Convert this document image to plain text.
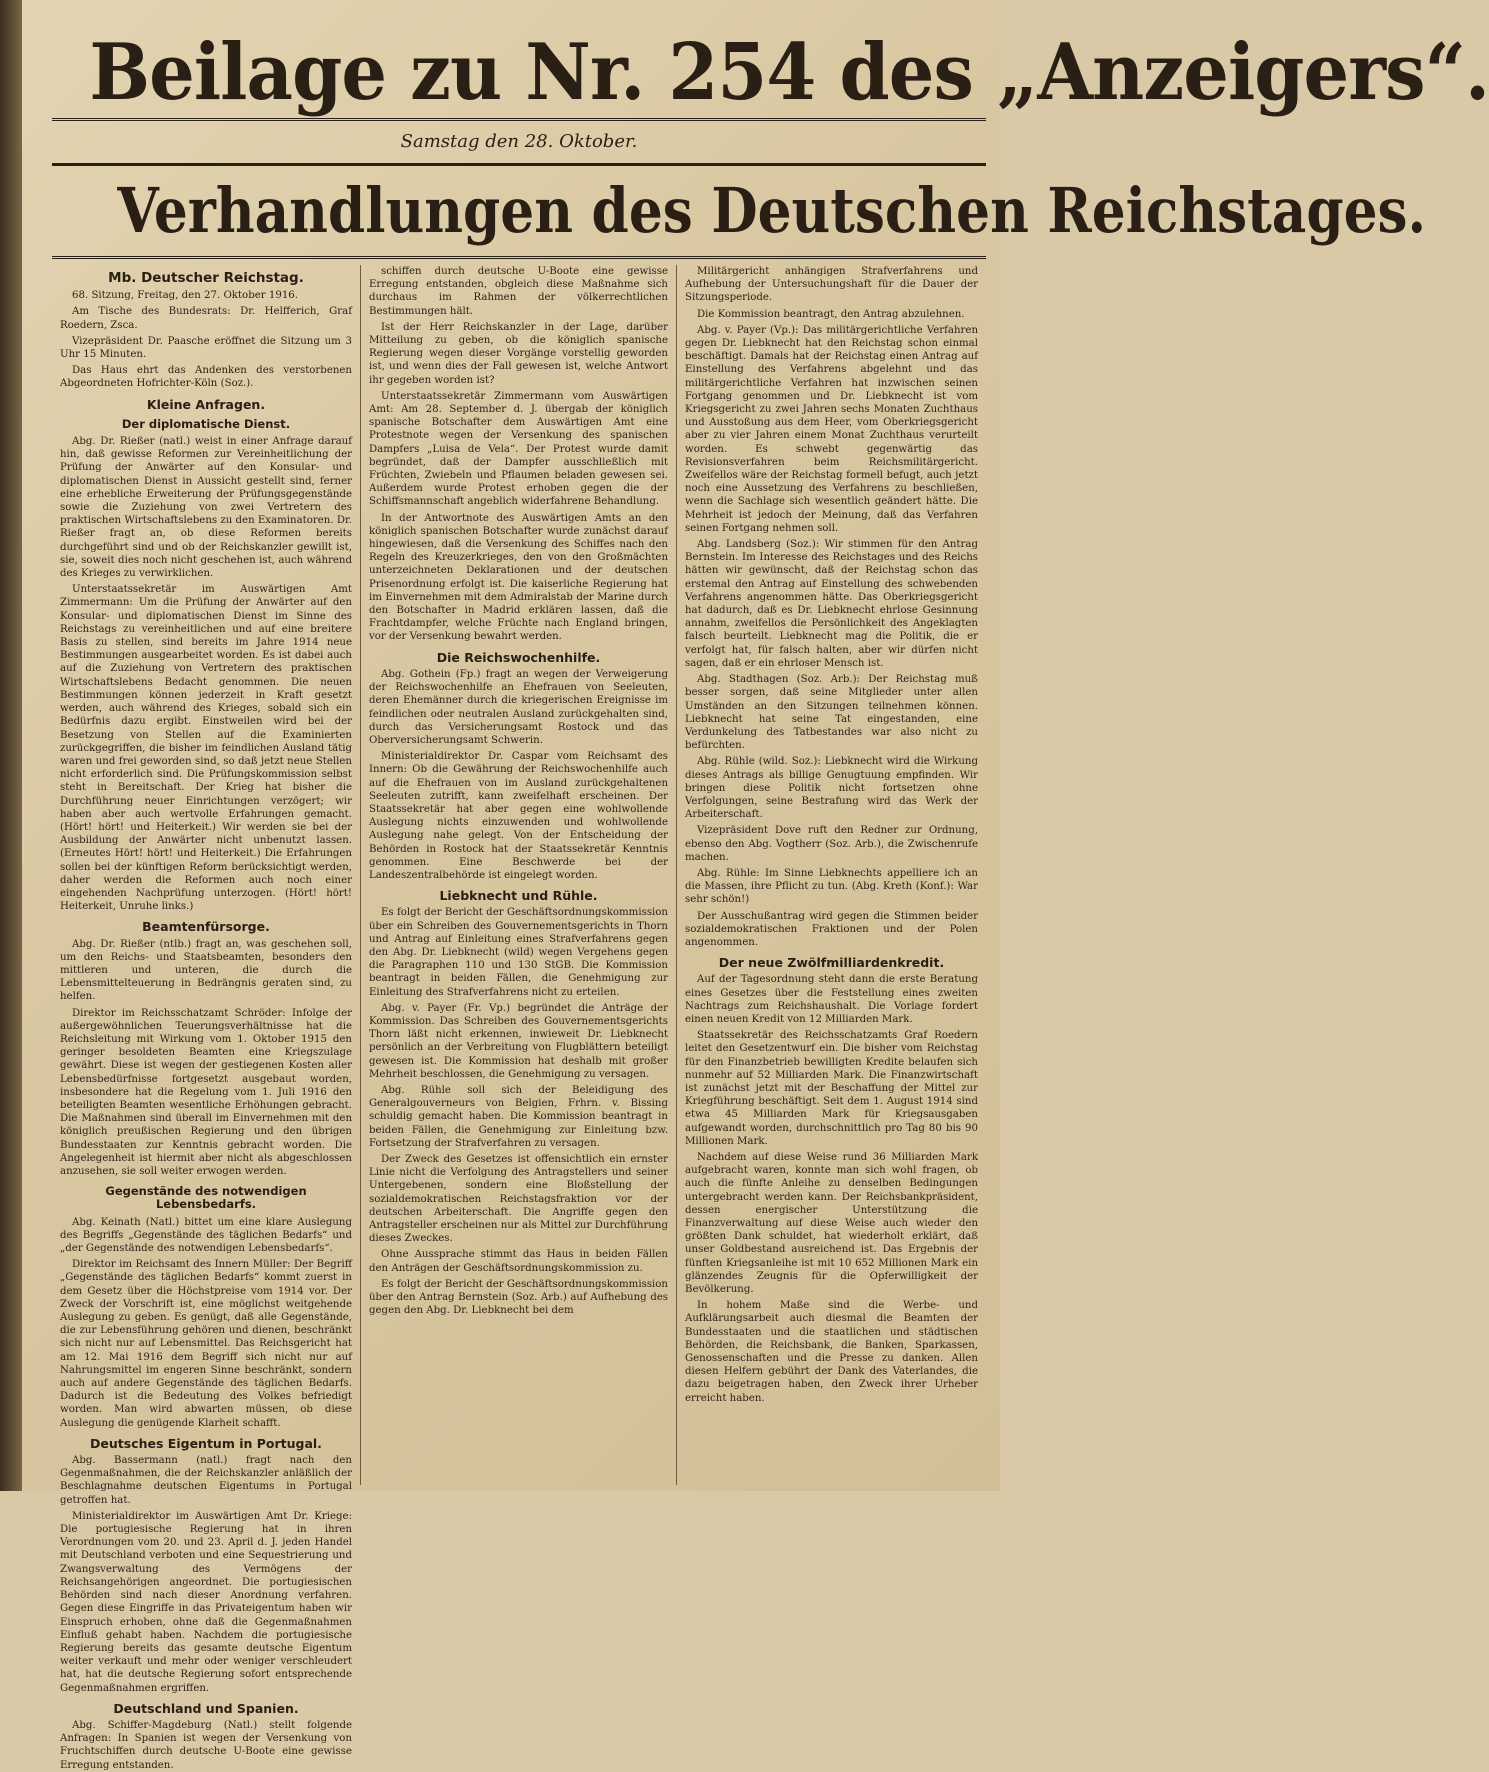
Beilage zu Nr. 254 des „Anzeigers“.
Samstag den 28. Oktober.
Verhandlungen des Deutschen Reichstages.
Mb. Deutscher Reichstag.

68. Sitzung, Freitag, den 27. Oktober 1916.

Am Tische des Bundesrats: Dr. Helfferich, Graf Roedern, Zsca.

Vizepräsident Dr. Paasche eröffnet die Sitzung um 3 Uhr 15 Minuten.

Das Haus ehrt das Andenken des verstorbenen Abgeordneten Hofrichter-Köln (Soz.).

Kleine Anfragen.
Der diplomatische Dienst.

Abg. Dr. Rießer (natl.) weist in einer Anfrage darauf hin, daß gewisse Reformen zur Vereinheitlichung der Prüfung der Anwärter auf den Konsular- und diplomatischen Dienst in Aussicht gestellt sind, ferner eine erhebliche Erweiterung der Prüfungsgegenstände sowie die Zuziehung von zwei Vertretern des praktischen Wirtschaftslebens zu den Examinatoren. Dr. Rießer fragt an, ob diese Reformen bereits durchgeführt sind und ob der Reichskanzler gewillt ist, sie, soweit dies noch nicht geschehen ist, auch während des Krieges zu verwirklichen.

Unterstaatssekretär im Auswärtigen Amt Zimmermann: Um die Prüfung der Anwärter auf den Konsular- und diplomatischen Dienst im Sinne des Reichstags zu vereinheitlichen und auf eine breitere Basis zu stellen, sind bereits im Jahre 1914 neue Bestimmungen ausgearbeitet worden. Es ist dabei auch auf die Zuziehung von Vertretern des praktischen Wirtschaftslebens Bedacht genommen. Die neuen Bestimmungen können jederzeit in Kraft gesetzt werden, auch während des Krieges, sobald sich ein Bedürfnis dazu ergibt. Einstweilen wird bei der Besetzung von Stellen auf die Examinierten zurückgegriffen, die bisher im feindlichen Ausland tätig waren und frei geworden sind, so daß jetzt neue Stellen nicht erforderlich sind. Die Prüfungskommission selbst steht in Bereitschaft. Der Krieg hat bisher die Durchführung neuer Einrichtungen verzögert; wir haben aber auch wertvolle Erfahrungen gemacht. (Hört! hört! und Heiterkeit.) Wir werden sie bei der Ausbildung der Anwärter nicht unbenutzt lassen. (Erneutes Hört! hört! und Heiterkeit.) Die Erfahrungen sollen bei der künftigen Reform berücksichtigt werden, daher werden die Reformen auch noch einer eingehenden Nachprüfung unterzogen. (Hört! hört! Heiterkeit, Unruhe links.)

Beamtenfürsorge.

Abg. Dr. Rießer (ntlb.) fragt an, was geschehen soll, um den Reichs- und Staatsbeamten, besonders den mittleren und unteren, die durch die Lebensmittelteuerung in Bedrängnis geraten sind, zu helfen.

Direktor im Reichsschatzamt Schröder: Infolge der außergewöhnlichen Teuerungsverhältnisse hat die Reichsleitung mit Wirkung vom 1. Oktober 1915 den geringer besoldeten Beamten eine Kriegszulage gewährt. Diese ist wegen der gestiegenen Kosten aller Lebensbedürfnisse fortgesetzt ausgebaut worden, insbesondere hat die Regelung vom 1. Juli 1916 den beteiligten Beamten wesentliche Erhöhungen gebracht. Die Maßnahmen sind überall im Einvernehmen mit den königlich preußischen Regierung und den übrigen Bundesstaaten zur Kenntnis gebracht worden. Die Angelegenheit ist hiermit aber nicht als abgeschlossen anzusehen, sie soll weiter erwogen werden.

Gegenstände des notwendigen Lebensbedarfs.

Abg. Keinath (Natl.) bittet um eine klare Auslegung des Begriffs „Gegenstände des täglichen Bedarfs“ und „der Gegenstände des notwendigen Lebensbedarfs“.

Direktor im Reichsamt des Innern Müller: Der Begriff „Gegenstände des täglichen Bedarfs“ kommt zuerst in dem Gesetz über die Höchstpreise vom 1914 vor. Der Zweck der Vorschrift ist, eine möglichst weitgehende Auslegung zu geben. Es genügt, daß alle Gegenstände, die zur Lebensführung gehören und dienen, beschränkt sich nicht nur auf Lebensmittel. Das Reichsgericht hat am 12. Mai 1916 dem Begriff sich nicht nur auf Nahrungsmittel im engeren Sinne beschränkt, sondern auch auf andere Gegenstände des täglichen Bedarfs. Dadurch ist die Bedeutung des Volkes befriedigt worden. Man wird abwarten müssen, ob diese Auslegung die genügende Klarheit schafft.

Deutsches Eigentum in Portugal.

Abg. Bassermann (natl.) fragt nach den Gegenmaßnahmen, die der Reichskanzler anläßlich der Beschlagnahme deutschen Eigentums in Portugal getroffen hat.

Ministerialdirektor im Auswärtigen Amt Dr. Kriege: Die portugiesische Regierung hat in ihren Verordnungen vom 20. und 23. April d. J. jeden Handel mit Deutschland verboten und eine Sequestrierung und Zwangsverwaltung des Vermögens der Reichsangehörigen angeordnet. Die portugiesischen Behörden sind nach dieser Anordnung verfahren. Gegen diese Eingriffe in das Privateigentum haben wir Einspruch erhoben, ohne daß die Gegenmaßnahmen Einfluß gehabt haben. Nachdem die portugiesische Regierung bereits das gesamte deutsche Eigentum weiter verkauft und mehr oder weniger verschleudert hat, hat die deutsche Regierung sofort entsprechende Gegenmaßnahmen ergriffen.

Deutschland und Spanien.

Abg. Schiffer-Magdeburg (Natl.) stellt folgende Anfragen: In Spanien ist wegen der Versenkung von Fruchtschiffen durch deutsche U-Boote eine gewisse Erregung entstanden.

schiffen durch deutsche U-Boote eine gewisse Erregung entstanden, obgleich diese Maßnahme sich durchaus im Rahmen der völkerrechtlichen Bestimmungen hält.

Ist der Herr Reichskanzler in der Lage, darüber Mitteilung zu geben, ob die königlich spanische Regierung wegen dieser Vorgänge vorstellig geworden ist, und wenn dies der Fall gewesen ist, welche Antwort ihr gegeben worden ist?

Unterstaatssekretär Zimmermann vom Auswärtigen Amt: Am 28. September d. J. übergab der königlich spanische Botschafter dem Auswärtigen Amt eine Protestnote wegen der Versenkung des spanischen Dampfers „Luisa de Vela“. Der Protest wurde damit begründet, daß der Dampfer ausschließlich mit Früchten, Zwiebeln und Pflaumen beladen gewesen sei. Außerdem wurde Protest erhoben gegen die der Schiffsmannschaft angeblich widerfahrene Behandlung.

In der Antwortnote des Auswärtigen Amts an den königlich spanischen Botschafter wurde zunächst darauf hingewiesen, daß die Versenkung des Schiffes nach den Regeln des Kreuzerkrieges, den von den Großmächten unterzeichneten Deklarationen und der deutschen Prisenordnung erfolgt ist. Die kaiserliche Regierung hat im Einvernehmen mit dem Admiralstab der Marine durch den Botschafter in Madrid erklären lassen, daß die Frachtdampfer, welche Früchte nach England bringen, vor der Versenkung bewahrt werden.

Die Reichswochenhilfe.

Abg. Gothein (Fp.) fragt an wegen der Verweigerung der Reichswochenhilfe an Ehefrauen von Seeleuten, deren Ehemänner durch die kriegerischen Ereignisse im feindlichen oder neutralen Ausland zurückgehalten sind, durch das Versicherungsamt Rostock und das Oberversicherungsamt Schwerin.

Ministerialdirektor Dr. Caspar vom Reichsamt des Innern: Ob die Gewährung der Reichswochenhilfe auch auf die Ehefrauen von im Ausland zurückgehaltenen Seeleuten zutrifft, kann zweifelhaft erscheinen. Der Staatssekretär hat aber gegen eine wohlwollende Auslegung nichts einzuwenden und wohlwollende Auslegung nahe gelegt. Von der Entscheidung der Behörden in Rostock hat der Staatssekretär Kenntnis genommen. Eine Beschwerde bei der Landeszentralbehörde ist eingelegt worden.

Liebknecht und Rühle.

Es folgt der Bericht der Geschäftsordnungskommission über ein Schreiben des Gouvernementsgerichts in Thorn und Antrag auf Einleitung eines Strafverfahrens gegen den Abg. Dr. Liebknecht (wild) wegen Vergehens gegen die Paragraphen 110 und 130 StGB. Die Kommission beantragt in beiden Fällen, die Genehmigung zur Einleitung des Strafverfahrens nicht zu erteilen.

Abg. v. Payer (Fr. Vp.) begründet die Anträge der Kommission. Das Schreiben des Gouvernementsgerichts Thorn läßt nicht erkennen, inwieweit Dr. Liebknecht persönlich an der Verbreitung von Flugblättern beteiligt gewesen ist. Die Kommission hat deshalb mit großer Mehrheit beschlossen, die Genehmigung zu versagen.

Abg. Rühle soll sich der Beleidigung des Generalgouverneurs von Belgien, Frhrn. v. Bissing schuldig gemacht haben. Die Kommission beantragt in beiden Fällen, die Genehmigung zur Einleitung bzw. Fortsetzung der Strafverfahren zu versagen.

Der Zweck des Gesetzes ist offensichtlich ein ernster Linie nicht die Verfolgung des Antragstellers und seiner Untergebenen, sondern eine Bloßstellung der sozialdemokratischen Reichstagsfraktion vor der deutschen Arbeiterschaft. Die Angriffe gegen den Antragsteller erscheinen nur als Mittel zur Durchführung dieses Zweckes.

Ohne Aussprache stimmt das Haus in beiden Fällen den Anträgen der Geschäftsordnungskommission zu.

Es folgt der Bericht der Geschäftsordnungskommission über den Antrag Bernstein (Soz. Arb.) auf Aufhebung des gegen den Abg. Dr. Liebknecht bei dem

Militärgericht anhängigen Strafverfahrens und Aufhebung der Untersuchungshaft für die Dauer der Sitzungsperiode.

Die Kommission beantragt, den Antrag abzulehnen.

Abg. v. Payer (Vp.): Das militärgerichtliche Verfahren gegen Dr. Liebknecht hat den Reichstag schon einmal beschäftigt. Damals hat der Reichstag einen Antrag auf Einstellung des Verfahrens abgelehnt und das militärgerichtliche Verfahren hat inzwischen seinen Fortgang genommen und Dr. Liebknecht ist vom Kriegsgericht zu zwei Jahren sechs Monaten Zuchthaus und Ausstoßung aus dem Heer, vom Oberkriegsgericht aber zu vier Jahren einem Monat Zuchthaus verurteilt worden. Es schwebt gegenwärtig das Revisionsverfahren beim Reichsmilitärgericht. Zweifellos wäre der Reichstag formell befugt, auch jetzt noch eine Aussetzung des Verfahrens zu beschließen, wenn die Sachlage sich wesentlich geändert hätte. Die Mehrheit ist jedoch der Meinung, daß das Verfahren seinen Fortgang nehmen soll.

Abg. Landsberg (Soz.): Wir stimmen für den Antrag Bernstein. Im Interesse des Reichstages und des Reichs hätten wir gewünscht, daß der Reichstag schon das erstemal den Antrag auf Einstellung des schwebenden Verfahrens angenommen hätte. Das Oberkriegsgericht hat dadurch, daß es Dr. Liebknecht ehrlose Gesinnung annahm, zweifellos die Persönlichkeit des Angeklagten falsch beurteilt. Liebknecht mag die Politik, die er verfolgt hat, für falsch halten, aber wir dürfen nicht sagen, daß er ein ehrloser Mensch ist.

Abg. Stadthagen (Soz. Arb.): Der Reichstag muß besser sorgen, daß seine Mitglieder unter allen Umständen an den Sitzungen teilnehmen können. Liebknecht hat seine Tat eingestanden, eine Verdunkelung des Tatbestandes war also nicht zu befürchten.

Abg. Rühle (wild. Soz.): Liebknecht wird die Wirkung dieses Antrags als billige Genugtuung empfinden. Wir bringen diese Politik nicht fortsetzen ohne Verfolgungen, seine Bestrafung wird das Werk der Arbeiterschaft.

Vizepräsident Dove ruft den Redner zur Ordnung, ebenso den Abg. Vogtherr (Soz. Arb.), die Zwischenrufe machen.

Abg. Rühle: Im Sinne Liebknechts appelliere ich an die Massen, ihre Pflicht zu tun. (Abg. Kreth (Konf.): War sehr schön!)

Der Ausschußantrag wird gegen die Stimmen beider sozialdemokratischen Fraktionen und der Polen angenommen.

Der neue Zwölfmilliardenkredit.

Auf der Tagesordnung steht dann die erste Beratung eines Gesetzes über die Feststellung eines zweiten Nachtrags zum Reichshaushalt. Die Vorlage fordert einen neuen Kredit von 12 Milliarden Mark.

Staatssekretär des Reichsschatzamts Graf Roedern leitet den Gesetzentwurf ein. Die bisher vom Reichstag für den Finanzbetrieb bewilligten Kredite belaufen sich nunmehr auf 52 Milliarden Mark. Die Finanzwirtschaft ist zunächst jetzt mit der Beschaffung der Mittel zur Kriegführung beschäftigt. Seit dem 1. August 1914 sind etwa 45 Milliarden Mark für Kriegsausgaben aufgewandt worden, durchschnittlich pro Tag 80 bis 90 Millionen Mark.

Nachdem auf diese Weise rund 36 Milliarden Mark aufgebracht waren, konnte man sich wohl fragen, ob auch die fünfte Anleihe zu denselben Bedingungen untergebracht werden kann. Der Reichsbankpräsident, dessen energischer Unterstützung die Finanzverwaltung auf diese Weise auch wieder den größten Dank schuldet, hat wiederholt erklärt, daß unser Goldbestand ausreichend ist. Das Ergebnis der fünften Kriegsanleihe ist mit 10 652 Millionen Mark ein glänzendes Zeugnis für die Opferwilligkeit der Bevölkerung.

In hohem Maße sind die Werbe- und Aufklärungsarbeit auch diesmal die Beamten der Bundesstaaten und die staatlichen und städtischen Behörden, die Reichsbank, die Banken, Sparkassen, Genossenschaften und die Presse zu danken. Allen diesen Helfern gebührt der Dank des Vaterlandes, die dazu beigetragen haben, den Zweck ihrer Urheber erreicht haben.
